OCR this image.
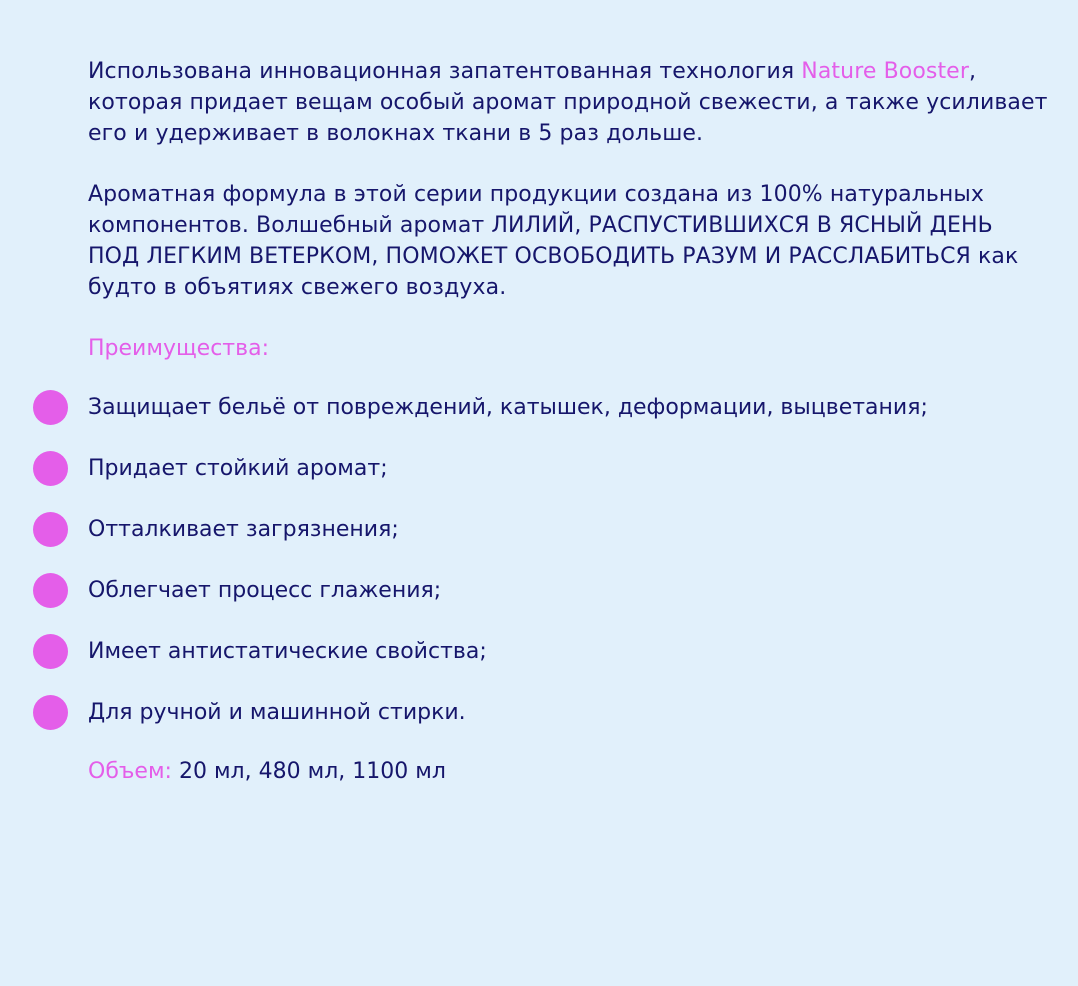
Использована инновационная запатентованная технология Nature Booster, которая придает вещам особый аромат природной свежести, а также усиливает его и удерживает в волокнах ткани в 5 раз дольше.

Ароматная формула в этой серии продукции создана из 100% натуральных компонентов. Волшебный аромат ЛИЛИЙ, РАСПУСТИВШИХСЯ В ЯСНЫЙ ДЕНЬ ПОД ЛЕГКИМ ВЕТЕРКОМ, ПОМОЖЕТ ОСВОБОДИТЬ РАЗУМ И РАССЛАБИТЬСЯ как будто в объятиях свежего воздуха.

Преимущества:
Защищает бельё от повреждений, катышек, деформации, выцветания;
Придает стойкий аромат;
Отталкивает загрязнения;
Облегчает процесс глажения;
Имеет антистатические свойства;
Для ручной и машинной стирки.
Объем: 20 мл, 480 мл, 1100 мл
